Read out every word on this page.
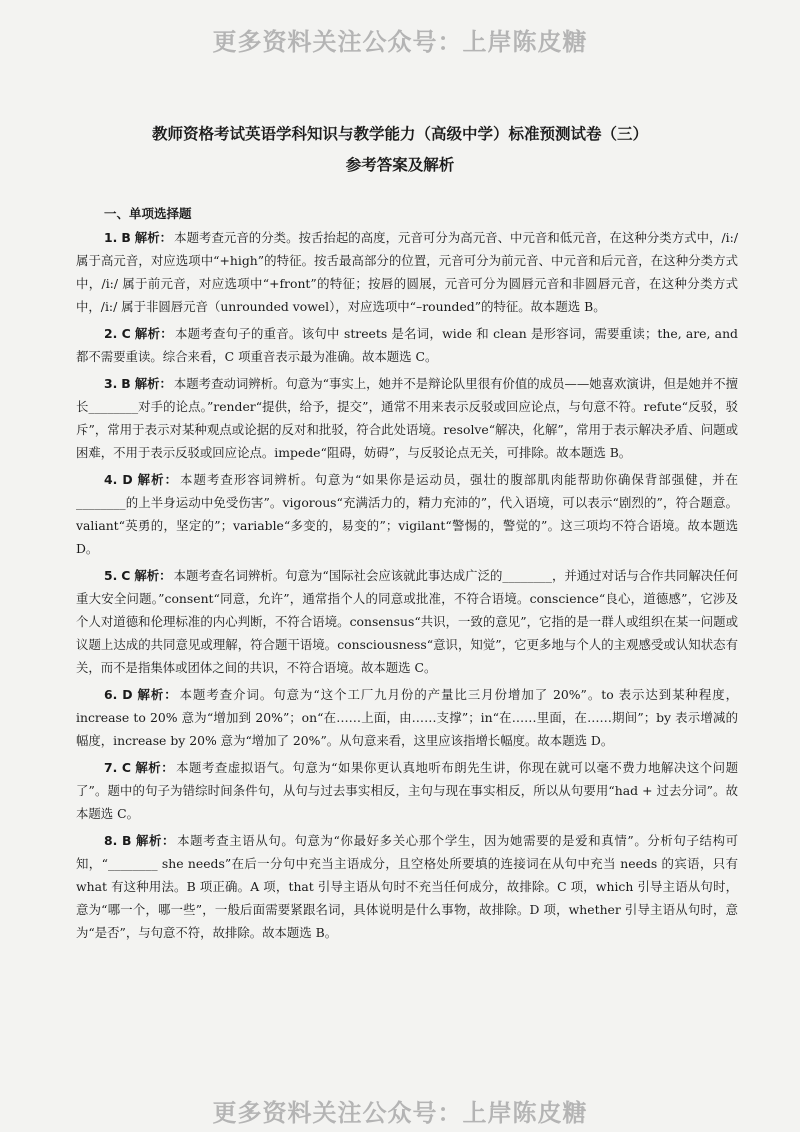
更多资料关注公众号：上岸陈皮糖
教师资格考试英语学科知识与教学能力（高级中学）标准预测试卷（三）
参考答案及解析
一、单项选择题

1. B 解析： 本题考查元音的分类。按舌抬起的高度，元音可分为高元音、中元音和低元音，在这种分类方式中，/i:/ 属于高元音，对应选项中“+high”的特征。按舌最高部分的位置，元音可分为前元音、中元音和后元音，在这种分类方式中，/i:/ 属于前元音，对应选项中“+front”的特征；按唇的圆展，元音可分为圆唇元音和非圆唇元音，在这种分类方式中，/i:/ 属于非圆唇元音（unrounded vowel），对应选项中“–rounded”的特征。故本题选 B。

2. C 解析： 本题考查句子的重音。该句中 streets 是名词，wide 和 clean 是形容词，需要重读；the, are, and 都不需要重读。综合来看，C 项重音表示最为准确。故本题选 C。

3. B 解析： 本题考查动词辨析。句意为“事实上，她并不是辩论队里很有价值的成员——她喜欢演讲，但是她并不擅长________对手的论点。”render“提供，给予，提交”，通常不用来表示反驳或回应论点，与句意不符。refute“反驳，驳斥”，常用于表示对某种观点或论据的反对和批驳，符合此处语境。resolve“解决，化解”，常用于表示解决矛盾、问题或困难，不用于表示反驳或回应论点。impede“阻碍，妨碍”，与反驳论点无关，可排除。故本题选 B。

4. D 解析： 本题考查形容词辨析。句意为“如果你是运动员，强壮的腹部肌肉能帮助你确保背部强健，并在________的上半身运动中免受伤害”。vigorous“充满活力的，精力充沛的”，代入语境，可以表示“剧烈的”，符合题意。valiant“英勇的，坚定的”；variable“多变的，易变的”；vigilant“警惕的，警觉的”。这三项均不符合语境。故本题选 D。

5. C 解析： 本题考查名词辨析。句意为“国际社会应该就此事达成广泛的________，并通过对话与合作共同解决任何重大安全问题。”consent“同意，允许”，通常指个人的同意或批准，不符合语境。conscience“良心，道德感”，它涉及个人对道德和伦理标准的内心判断，不符合语境。consensus“共识，一致的意见”，它指的是一群人或组织在某一问题或议题上达成的共同意见或理解，符合题干语境。consciousness“意识，知觉”，它更多地与个人的主观感受或认知状态有关，而不是指集体或团体之间的共识，不符合语境。故本题选 C。

6. D 解析： 本题考查介词。句意为“这个工厂九月份的产量比三月份增加了 20%”。to 表示达到某种程度，increase to 20% 意为“增加到 20%”；on“在……上面，由……支撑”；in“在……里面，在……期间”；by 表示增减的幅度，increase by 20% 意为“增加了 20%”。从句意来看，这里应该指增长幅度。故本题选 D。

7. C 解析： 本题考查虚拟语气。句意为“如果你更认真地听布朗先生讲，你现在就可以毫不费力地解决这个问题了”。题中的句子为错综时间条件句，从句与过去事实相反，主句与现在事实相反，所以从句要用“had + 过去分词”。故本题选 C。

8. B 解析： 本题考查主语从句。句意为“你最好多关心那个学生，因为她需要的是爱和真情”。分析句子结构可知，“________ she needs”在后一分句中充当主语成分，且空格处所要填的连接词在从句中充当 needs 的宾语，只有 what 有这种用法。B 项正确。A 项，that 引导主语从句时不充当任何成分，故排除。C 项，which 引导主语从句时，意为“哪一个，哪一些”，一般后面需要紧跟名词，具体说明是什么事物，故排除。D 项，whether 引导主语从句时，意为“是否”，与句意不符，故排除。故本题选 B。

更多资料关注公众号：上岸陈皮糖
